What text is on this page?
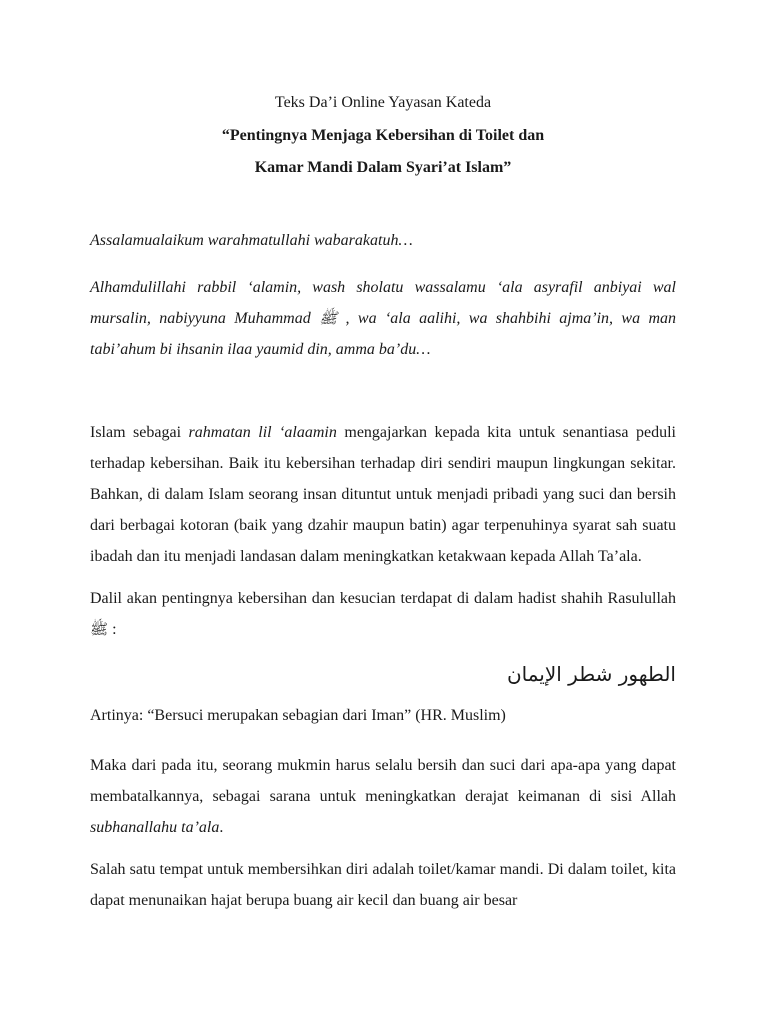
Teks Da’i Online Yayasan Kateda

“Pentingnya Menjaga Kebersihan di Toilet dan

Kamar Mandi Dalam Syari’at Islam”

Assalamualaikum warahmatullahi wabarakatuh…

Alhamdulillahi rabbil ‘alamin, wash sholatu wassalamu ‘ala asyrafil anbiyai wal mursalin, nabiyyuna Muhammad ﷺ , wa ‘ala aalihi, wa shahbihi ajma’in, wa man tabi’ahum bi ihsanin ilaa yaumid din, amma ba’du…

Islam sebagai rahmatan lil ‘alaamin mengajarkan kepada kita untuk senantiasa peduli terhadap kebersihan. Baik itu kebersihan terhadap diri sendiri maupun lingkungan sekitar. Bahkan, di dalam Islam seorang insan dituntut untuk menjadi pribadi yang suci dan bersih dari berbagai kotoran (baik yang dzahir maupun batin) agar terpenuhinya syarat sah suatu ibadah dan itu menjadi landasan dalam meningkatkan ketakwaan kepada Allah Ta’ala.

Dalil akan pentingnya kebersihan dan kesucian terdapat di dalam hadist shahih Rasulullah ﷺ :

الطهور شطر الإيمان

Artinya: “Bersuci merupakan sebagian dari Iman” (HR. Muslim)

Maka dari pada itu, seorang mukmin harus selalu bersih dan suci dari apa-apa yang dapat membatalkannya, sebagai sarana untuk meningkatkan derajat keimanan di sisi Allah subhanallahu ta’ala.

Salah satu tempat untuk membersihkan diri adalah toilet/kamar mandi. Di dalam toilet, kita dapat menunaikan hajat berupa buang air kecil dan buang air besar
